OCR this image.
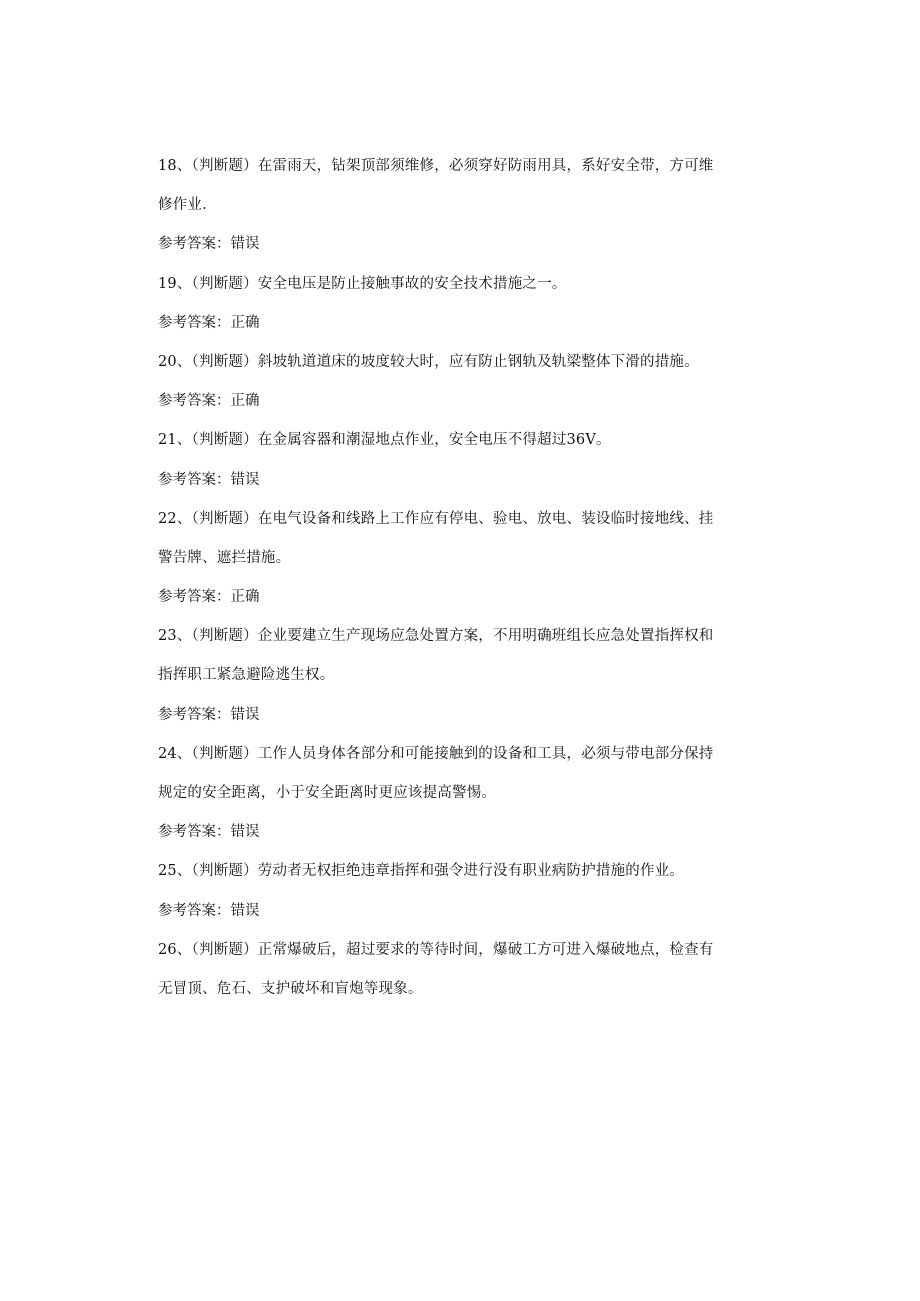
18、（判断题）在雷雨天，钻架顶部须维修，必须穿好防雨用具，系好安全带，方可维
修作业.
参考答案：错误
19、（判断题）安全电压是防止接触事故的安全技术措施之一。
参考答案：正确
20、（判断题）斜坡轨道道床的坡度较大时，应有防止钢轨及轨梁整体下滑的措施。
参考答案：正确
21、（判断题）在金属容器和潮湿地点作业，安全电压不得超过36V。
参考答案：错误
22、（判断题）在电气设备和线路上工作应有停电、验电、放电、装设临时接地线、挂
警告牌、遮拦措施。
参考答案：正确
23、（判断题）企业要建立生产现场应急处置方案，不用明确班组长应急处置指挥权和
指挥职工紧急避险逃生权。
参考答案：错误
24、（判断题）工作人员身体各部分和可能接触到的设备和工具，必须与带电部分保持
规定的安全距离，小于安全距离时更应该提高警惕。
参考答案：错误
25、（判断题）劳动者无权拒绝违章指挥和强令进行没有职业病防护措施的作业。
参考答案：错误
26、（判断题）正常爆破后，超过要求的等待时间，爆破工方可进入爆破地点，检查有
无冒顶、危石、支护破坏和盲炮等现象。
